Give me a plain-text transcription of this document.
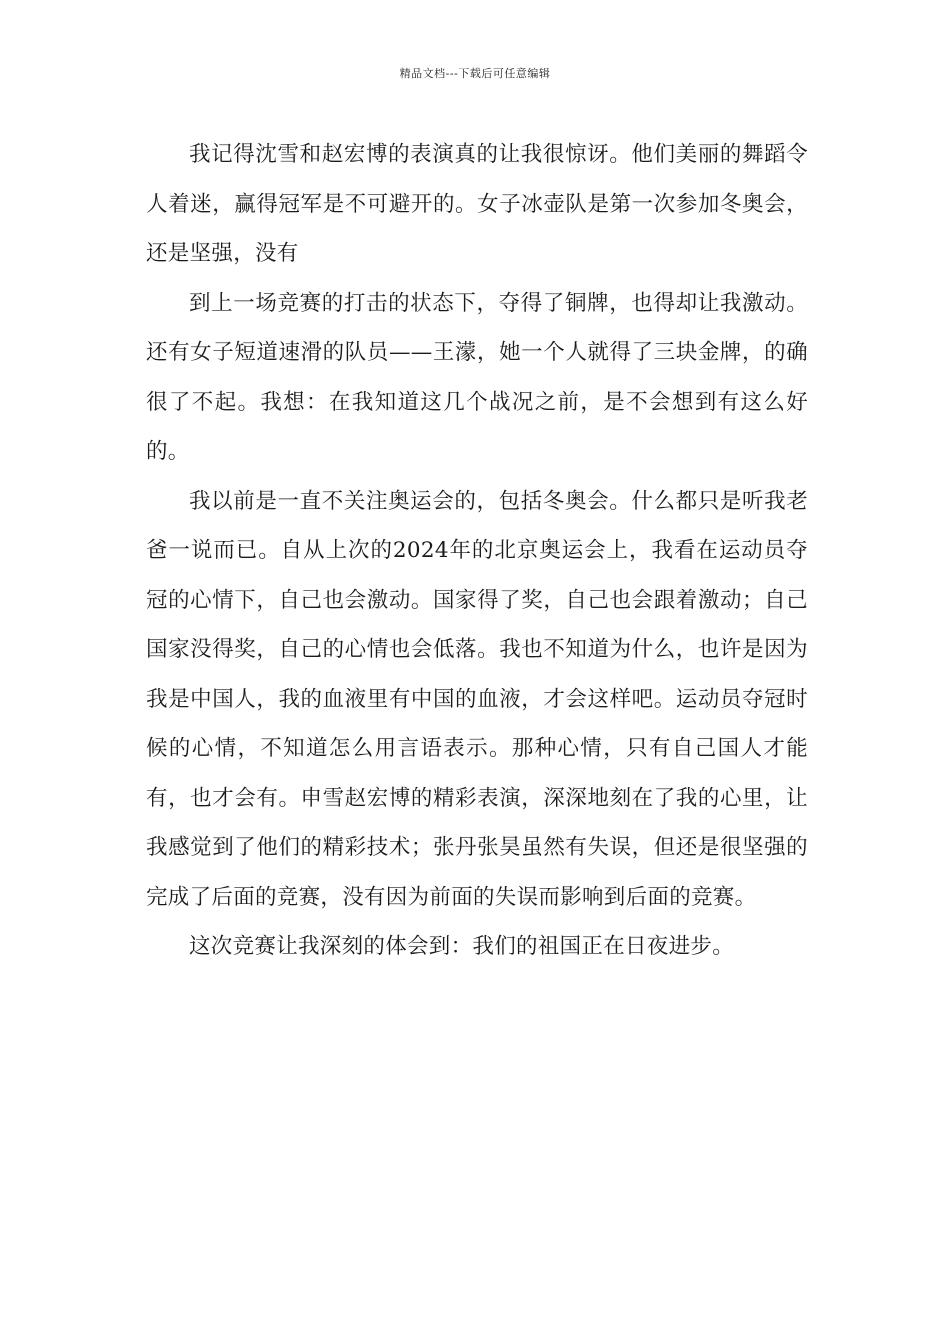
精品文档---下载后可任意编辑

我记得沈雪和赵宏博的表演真的让我很惊讶。他们美丽的舞蹈令人着迷，赢得冠军是不可避开的。女子冰壶队是第一次参加冬奥会，还是坚强，没有

到上一场竞赛的打击的状态下，夺得了铜牌，也得却让我激动。还有女子短道速滑的队员——王濛，她一个人就得了三块金牌，的确很了不起。我想：在我知道这几个战况之前，是不会想到有这么好的。

我以前是一直不关注奥运会的，包括冬奥会。什么都只是听我老爸一说而已。自从上次的2024年的北京奥运会上，我看在运动员夺冠的心情下，自己也会激动。国家得了奖，自己也会跟着激动；自己国家没得奖，自己的心情也会低落。我也不知道为什么，也许是因为我是中国人，我的血液里有中国的血液，才会这样吧。运动员夺冠时候的心情，不知道怎么用言语表示。那种心情，只有自己国人才能有，也才会有。申雪赵宏博的精彩表演，深深地刻在了我的心里，让我感觉到了他们的精彩技术；张丹张昊虽然有失误，但还是很坚强的完成了后面的竞赛，没有因为前面的失误而影响到后面的竞赛。

这次竞赛让我深刻的体会到：我们的祖国正在日夜进步。
